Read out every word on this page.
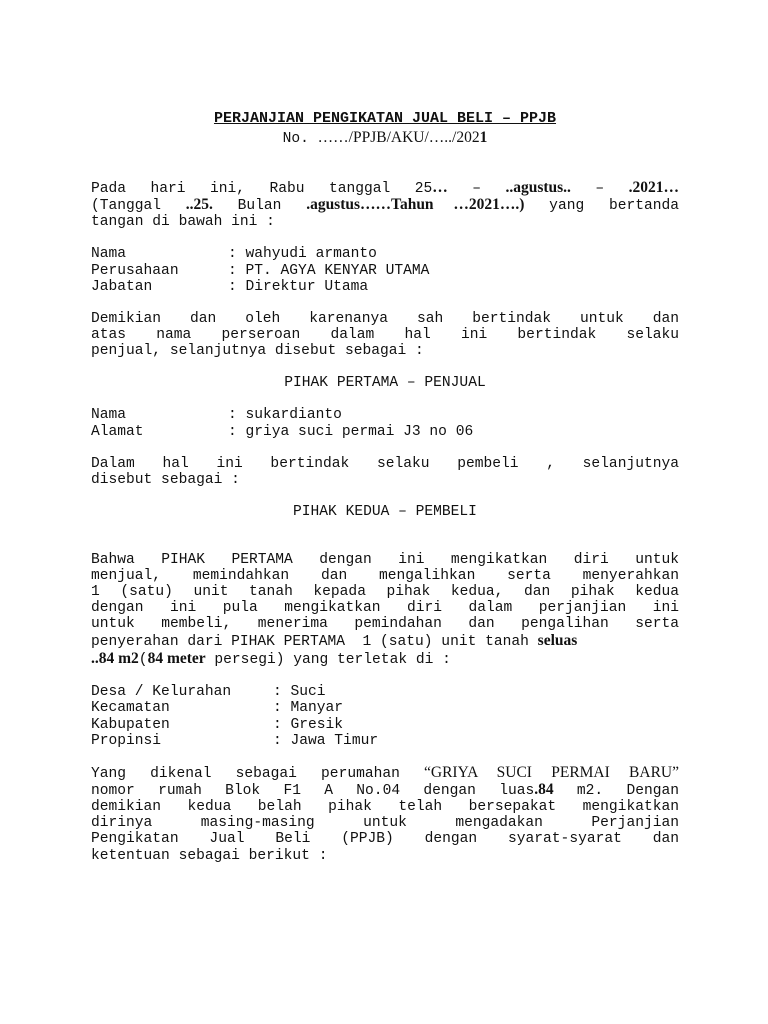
PERJANJIAN PENGIKATAN JUAL BELI – PPJB
No. ……/PPJB/AKU/…../2021
Pada hari ini, Rabu tanggal 25… – ..agustus.. – .2021…
(Tanggal ..25. Bulan .agustus……Tahun …2021….) yang bertanda
tangan di bawah ini :
Nama	: wahyudi armanto
Perusahaan	: PT. AGYA KENYAR UTAMA
Jabatan	: Direktur Utama
Demikian dan oleh karenanya sah bertindak untuk dan
atas nama perseroan dalam hal ini bertindak selaku
penjual, selanjutnya disebut sebagai :
PIHAK PERTAMA – PENJUAL
Nama	: sukardianto
Alamat	: griya suci permai J3 no 06
Dalam hal ini bertindak selaku pembeli , selanjutnya
disebut sebagai :
PIHAK KEDUA – PEMBELI
Bahwa PIHAK PERTAMA dengan ini mengikatkan diri untuk
menjual, memindahkan dan mengalihkan serta menyerahkan
1 (satu) unit tanah kepada pihak kedua, dan pihak kedua
dengan ini pula mengikatkan diri dalam perjanjian ini
untuk membeli, menerima pemindahan dan pengalihan serta
penyerahan dari PIHAK PERTAMA  1 (satu) unit tanah seluas
..84 m2(84 meter persegi) yang terletak di :
Desa / Kelurahan	: Suci
Kecamatan	: Manyar
Kabupaten	: Gresik
Propinsi	: Jawa Timur
Yang dikenal sebagai perumahan “GRIYA SUCI PERMAI BARU”
nomor rumah Blok F1 A No.04 dengan luas.84 m2. Dengan
demikian kedua belah pihak telah bersepakat mengikatkan
dirinya masing-masing untuk mengadakan Perjanjian
Pengikatan Jual Beli (PPJB) dengan syarat-syarat dan
ketentuan sebagai berikut :
